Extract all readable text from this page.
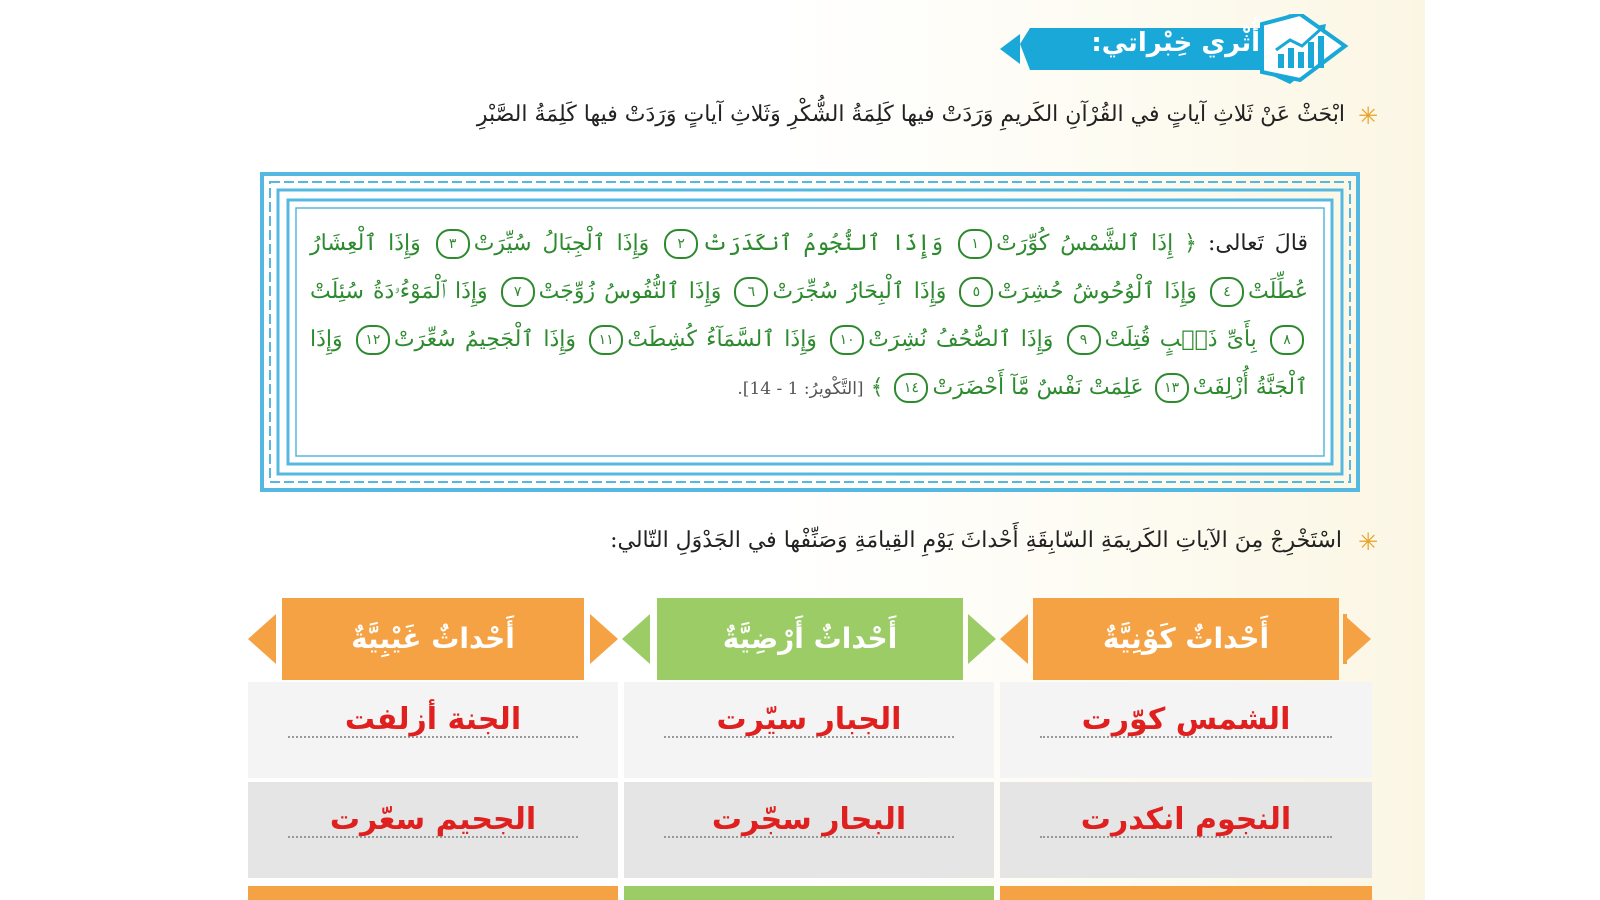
أُثْري خِبْراتي:
✳
ابْحَثْ عَنْ ثَلاثِ آياتٍ في القُرْآنِ الكَريمِ وَرَدَتْ فيها كَلِمَةُ الشُّكْرِ وَثَلاثِ آياتٍ وَرَدَتْ فيها كَلِمَةُ الصَّبْرِ
قالَ تَعالى: ﴿ إِذَا ٱلشَّمْسُ كُوِّرَتْ١ وَإِذَا ٱلنُّجُومُ ٱنكَدَرَتْ٢ وَإِذَا ٱلْجِبَالُ سُيِّرَتْ٣ وَإِذَا ٱلْعِشَارُ عُطِّلَتْ٤ وَإِذَا ٱلْوُحُوشُ حُشِرَتْ٥ وَإِذَا ٱلْبِحَارُ سُجِّرَتْ٦ وَإِذَا ٱلنُّفُوسُ زُوِّجَتْ٧ وَإِذَا ٱلْمَوْءُۥدَةُ سُئِلَتْ٨ بِأَىِّ ذَنۢبٍ قُتِلَتْ٩ وَإِذَا ٱلصُّحُفُ نُشِرَتْ١٠ وَإِذَا ٱلسَّمَآءُ كُشِطَتْ١١ وَإِذَا ٱلْجَحِيمُ سُعِّرَتْ١٢ وَإِذَا ٱلْجَنَّةُ أُزْلِفَتْ١٣ عَلِمَتْ نَفْسٌ مَّآ أَحْضَرَتْ١٤ ﴾ [التَّكْويرُ: 1 - 14].
✳
اسْتَخْرِجْ مِنَ الآياتِ الكَريمَةِ السّابِقَةِ أَحْداثَ يَوْمِ القِيامَةِ وَصَنِّفْها في الجَدْوَلِ التّالي:
أَحْداثٌ كَوْنِيَّةٌ
أَحْداثٌ أَرْضِيَّةٌ
أَحْداثٌ غَيْبِيَّةٌ
الشمس كوّرت
النجوم انكدرت
الجبار سيّرت
البحار سجّرت
الجنة أزلفت
الجحيم سعّرت
